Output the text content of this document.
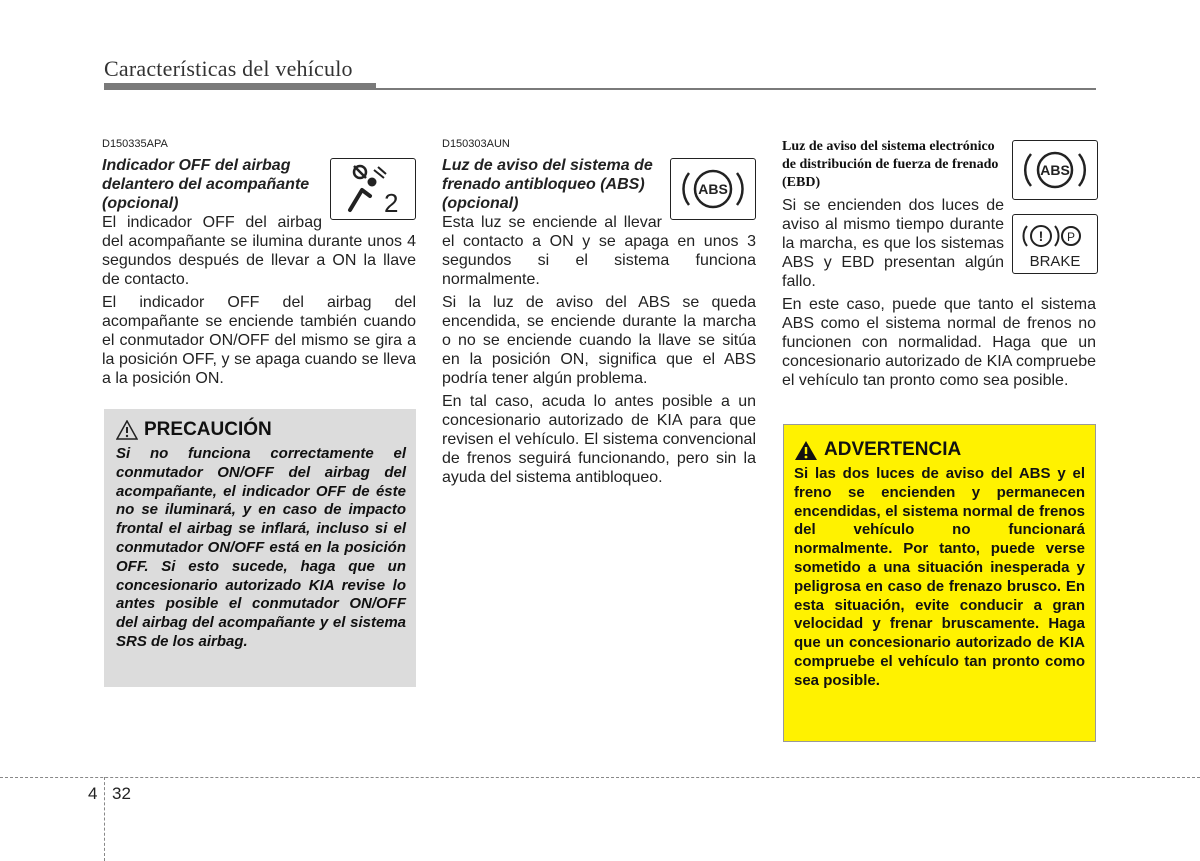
Características del vehículo
D150335APA
2
Indicador OFF del airbag delantero del acompañante (opcional)

El indicador OFF del airbag del acompañante se ilumina durante unos 4 segundos después de llevar a ON la llave de contacto.

El indicador OFF del airbag del acompañante se enciende también cuando el conmutador ON/OFF del mismo se gira a la posición OFF, y se apaga cuando se lleva a la posición ON.

PRECAUCIÓN
Si no funciona correctamente el conmutador ON/OFF del airbag del acompañante, el indicador OFF de éste no se iluminará, y en caso de impacto frontal el airbag se inflará, incluso si el conmutador ON/OFF está en la posición OFF. Si esto sucede, haga que un concesionario autorizado KIA revise lo antes posible el conmutador ON/OFF del airbag del acompañante y el sistema SRS de los airbag.
D150303AUN
ABS
Luz de aviso del sistema de frenado antibloqueo (ABS) (opcional)

Esta luz se enciende al llevar el contacto a ON y se apaga en unos 3 segundos si el sistema funciona normalmente.

Si la luz de aviso del ABS se queda encendida, se enciende durante la marcha o no se enciende cuando la llave se sitúa en la posición ON, significa que el ABS podría tener algún problema.

En tal caso, acuda lo antes posible a un concesionario autorizado de KIA para que revisen el vehículo. El sistema convencional de frenos seguirá funcionando, pero sin la ayuda del sistema antibloqueo.

ABS
! P
BRAKE
Luz de aviso del sistema electrónico de distribución de fuerza de frenado (EBD)

Si se encienden dos luces de aviso al mismo tiempo durante la marcha, es que los sistemas ABS y EBD presentan algún fallo.

En este caso, puede que tanto el sistema ABS como el sistema normal de frenos no funcionen con normalidad. Haga que un concesionario autorizado de KIA compruebe el vehículo tan pronto como sea posible.

ADVERTENCIA
Si las dos luces de aviso del ABS y el freno se encienden y permanecen encendidas, el sistema normal de frenos del vehículo no funcionará normalmente. Por tanto, puede verse sometido a una situación inesperada y peligrosa en caso de frenazo brusco. En esta situación, evite conducir a gran velocidad y frenar bruscamente. Haga que un concesionario autorizado de KIA compruebe el vehículo tan pronto como sea posible.
4 32
